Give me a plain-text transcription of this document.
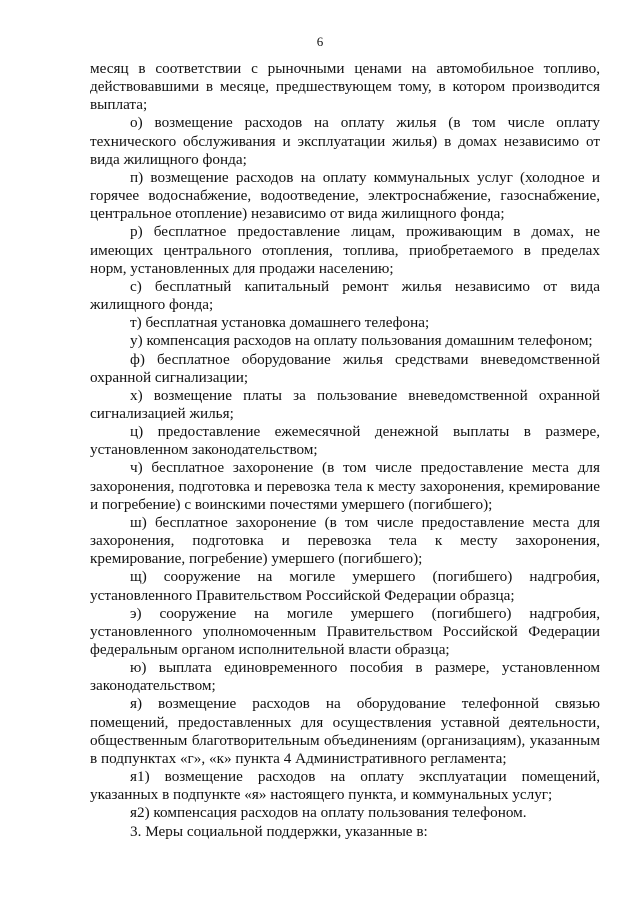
6

месяц в соответствии с рыночными ценами на автомобильное топливо, действовавшими в месяце, предшествующем тому, в котором производится выплата;

о) возмещение расходов на оплату жилья (в том числе оплату технического обслуживания и эксплуатации жилья) в домах независимо от вида жилищного фонда;

п) возмещение расходов на оплату коммунальных услуг (холодное и горячее водоснабжение, водоотведение, электроснабжение, газоснабжение, центральное отопление) независимо от вида жилищного фонда;

р) бесплатное предоставление лицам, проживающим в домах, не имеющих центрального отопления, топлива, приобретаемого в пределах норм, установленных для продажи населению;

с) бесплатный капитальный ремонт жилья независимо от вида жилищного фонда;

т) бесплатная установка домашнего телефона;

у) компенсация расходов на оплату пользования домашним телефоном;

ф) бесплатное оборудование жилья средствами вневедомственной охранной сигнализации;

х) возмещение платы за пользование вневедомственной охранной сигнализацией жилья;

ц) предоставление ежемесячной денежной выплаты в размере, установленном законодательством;

ч) бесплатное захоронение (в том числе предоставление места для захоронения, подготовка и перевозка тела к месту захоронения, кремирование и погребение) с воинскими почестями умершего (погибшего);

ш) бесплатное захоронение (в том числе предоставление места для захоронения, подготовка и перевозка тела к месту захоронения, кремирование, погребение) умершего (погибшего);

щ) сооружение на могиле умершего (погибшего) надгробия, установленного Правительством Российской Федерации образца;

э) сооружение на могиле умершего (погибшего) надгробия, установленного уполномоченным Правительством Российской Федерации федеральным органом исполнительной власти образца;

ю) выплата единовременного пособия в размере, установленном законодательством;

я) возмещение расходов на оборудование телефонной связью помещений, предоставленных для осуществления уставной деятельности, общественным благотворительным объединениям (организациям), указанным в подпунктах «г», «к» пункта 4 Административного регламента;

я1) возмещение расходов на оплату эксплуатации помещений, указанных в подпункте «я» настоящего пункта, и коммунальных услуг;

я2) компенсация расходов на оплату пользования телефоном.

3. Меры социальной поддержки, указанные в:
